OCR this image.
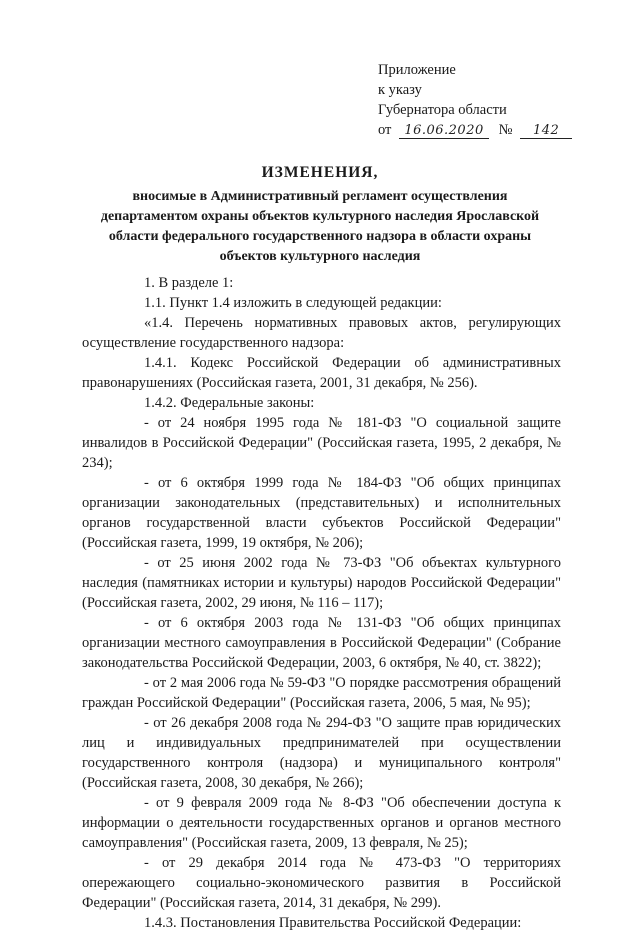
Приложение
к указу
Губернатора области
от 16.06.2020 № 142
ИЗМЕНЕНИЯ,
вносимые в Административный регламент осуществления департаментом охраны объектов культурного наследия Ярославской области федерального государственного надзора в области охраны объектов культурного наследия

1. В разделе 1:

1.1. Пункт 1.4 изложить в следующей редакции:

«1.4. Перечень нормативных правовых актов, регулирующих осуществление государственного надзора:

1.4.1. Кодекс Российской Федерации об административных правонарушениях (Российская газета, 2001, 31 декабря, № 256).

1.4.2. Федеральные законы:

- от 24 ноября 1995 года № 181-ФЗ "О социальной защите инвалидов в Российской Федерации" (Российская газета, 1995, 2 декабря, № 234);

- от 6 октября 1999 года № 184-ФЗ "Об общих принципах организации законодательных (представительных) и исполнительных органов государственной власти субъектов Российской Федерации" (Российская газета, 1999, 19 октября, № 206);

- от 25 июня 2002 года № 73-ФЗ "Об объектах культурного наследия (памятниках истории и культуры) народов Российской Федерации" (Российская газета, 2002, 29 июня, № 116 – 117);

- от 6 октября 2003 года № 131-ФЗ "Об общих принципах организации местного самоуправления в Российской Федерации" (Собрание законодательства Российской Федерации, 2003, 6 октября, № 40, ст. 3822);

- от 2 мая 2006 года № 59-ФЗ "О порядке рассмотрения обращений граждан Российской Федерации" (Российская газета, 2006, 5 мая, № 95);

- от 26 декабря 2008 года № 294-ФЗ "О защите прав юридических лиц и индивидуальных предпринимателей при осуществлении государственного контроля (надзора) и муниципального контроля" (Российская газета, 2008, 30 декабря, № 266);

- от 9 февраля 2009 года № 8-ФЗ "Об обеспечении доступа к информации о деятельности государственных органов и органов местного самоуправления" (Российская газета, 2009, 13 февраля, № 25);

- от 29 декабря 2014 года № 473-ФЗ "О территориях опережающего социально-экономического развития в Российской Федерации" (Российская газета, 2014, 31 декабря, № 299).

1.4.3. Постановления Правительства Российской Федерации:
